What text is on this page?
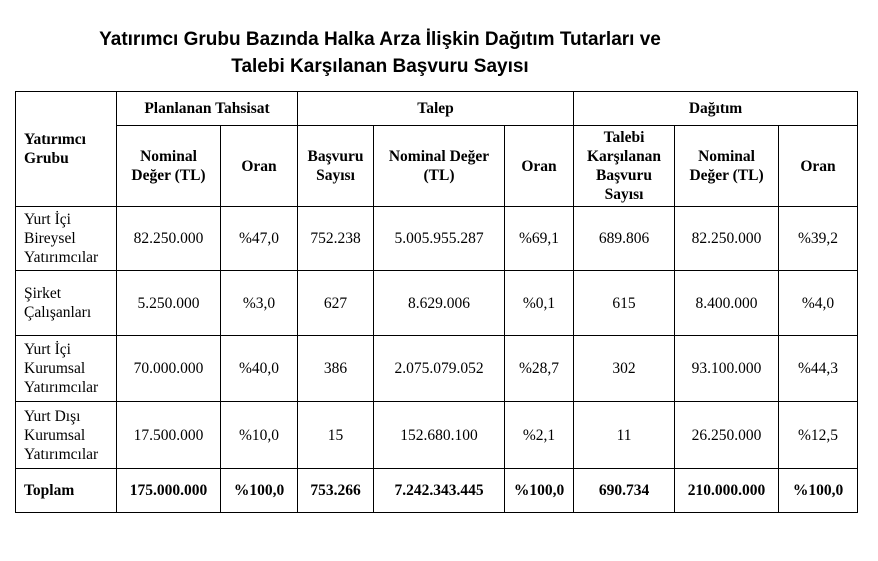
Yatırımcı Grubu Bazında Halka Arza İlişkin Dağıtım Tutarları ve
Talebi Karşılanan Başvuru Sayısı
Yatırımcı Grubu	Planlanan Tahsisat		Talep			Dağıtım		
	Nominal Değer (TL)	Oran	Başvuru Sayısı	Nominal Değer (TL)	Oran	Talebi Karşılanan Başvuru Sayısı	Nominal Değer (TL)	Oran
Yurt İçi Bireysel Yatırımcılar	82.250.000	%47,0	752.238	5.005.955.287	%69,1	689.806	82.250.000	%39,2
Şirket Çalışanları	5.250.000	%3,0	627	8.629.006	%0,1	615	8.400.000	%4,0
Yurt İçi Kurumsal Yatırımcılar	70.000.000	%40,0	386	2.075.079.052	%28,7	302	93.100.000	%44,3
Yurt Dışı Kurumsal Yatırımcılar	17.500.000	%10,0	15	152.680.100	%2,1	11	26.250.000	%12,5
Toplam	175.000.000	%100,0	753.266	7.242.343.445	%100,0	690.734	210.000.000	%100,0
